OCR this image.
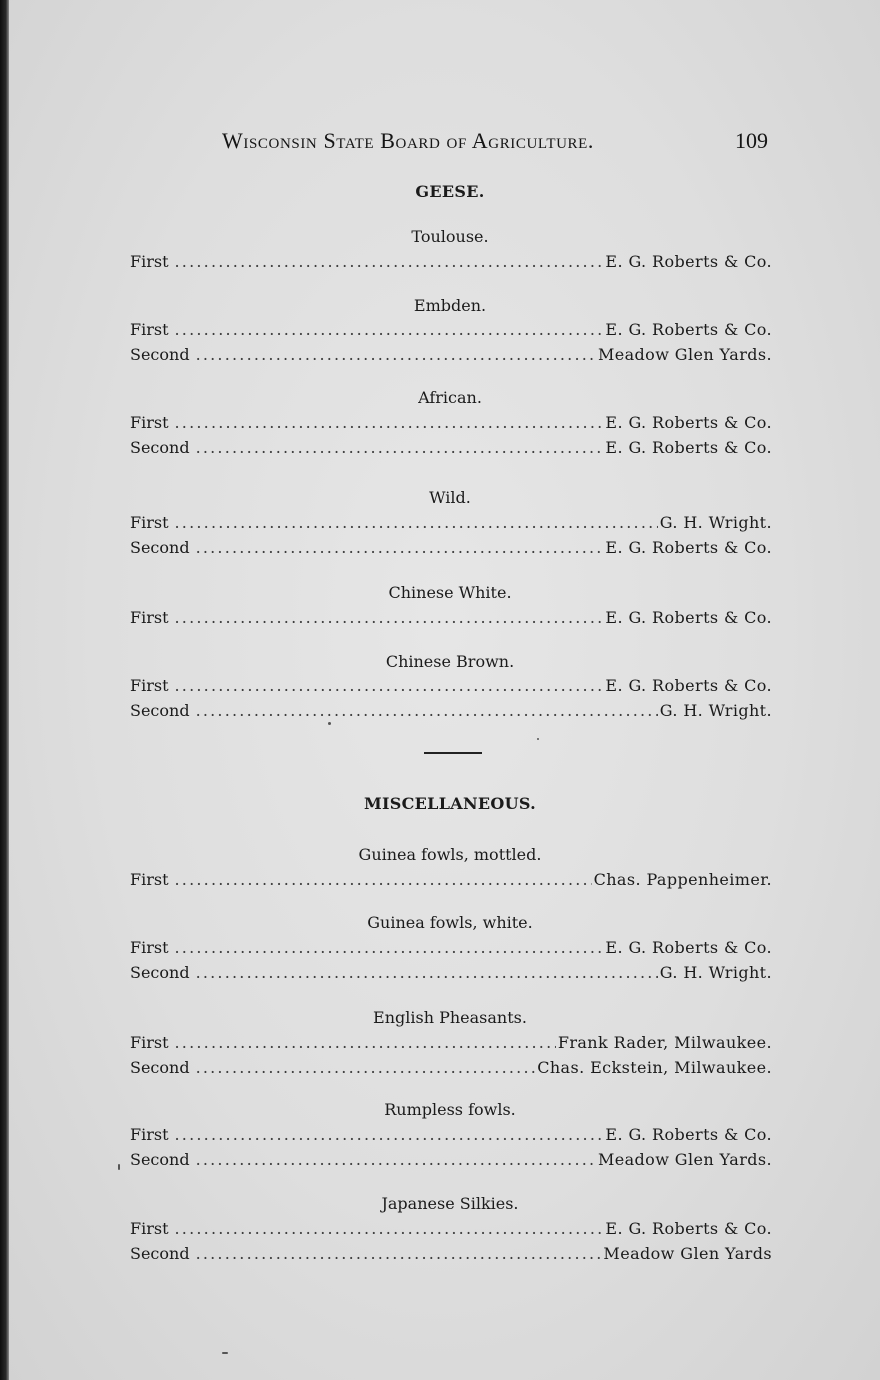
Wisconsin State Board of Agriculture.	109
GEESE.
Toulouse.
First .....	E. G. Roberts & Co.
Embden.
First .....	E. G. Roberts & Co.
Second .....	Meadow Glen Yards.
African.
First .....	E. G. Roberts & Co.
Second .....	E. G. Roberts & Co.
Wild.
First .....	G. H. Wright.
Second .....	E. G. Roberts & Co.
Chinese White.
First .....	E. G. Roberts & Co.
Chinese Brown.
First .....	E. G. Roberts & Co.
Second .....	G. H. Wright.
MISCELLANEOUS.
Guinea fowls, mottled.
First .....	Chas. Pappenheimer.
Guinea fowls, white.
First .....	E. G. Roberts & Co.
Second .....	G. H. Wright.
English Pheasants.
First .....	Frank Rader, Milwaukee.
Second .....	Chas. Eckstein, Milwaukee.
Rumpless fowls.
First .....	E. G. Roberts & Co.
Second .....	Meadow Glen Yards.
Japanese Silkies.
First .....	E. G. Roberts & Co.
Second .....	Meadow Glen Yards
